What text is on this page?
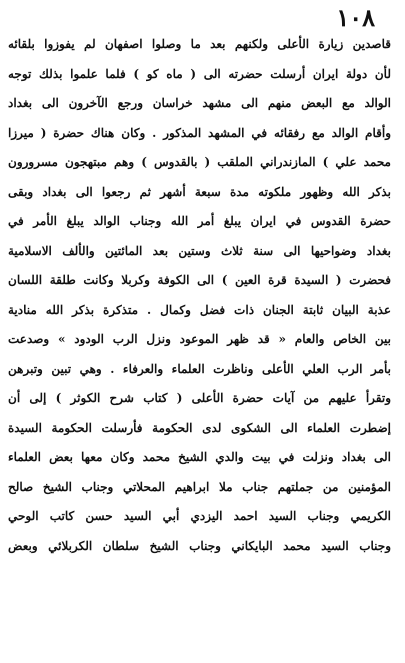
١٠٨
قاصدين زيارة الأعلى ولكنهم بعد ما وصلوا اصفهان لم يفوزوا بلقائه
لأن دولة ايران أرسلت حضرته الى ( ماه كو ) فلما علموا بذلك توجه
الوالد مع البعض منهم الى مشهد خراسان ورجع الآخرون الى بغداد
وأقام الوالد مع رفقائه في المشهد المذكور . وكان هناك حضرة ( ميرزا
محمد علي ) المازندراني الملقب ( بالقدوس ) وهم مبتهجون مسرورون
بذكر الله وظهور ملكوته مدة سبعة أشهر ثم رجعوا الى بغداد وبقى
حضرة القدوس في ايران يبلغ أمر الله وجناب الوالد يبلغ الأمر في
بغداد وضواحيها الى سنة ثلاث وستين بعد المائتين والألف الاسلامية
فحضرت ( السيدة قرة العين ) الى الكوفة وكربلا وكانت طلقة اللسان
عذبة البيان ثابتة الجنان ذات فضل وكمال . متذكرة بذكر الله منادية
بين الخاص والعام « قد ظهر الموعود ونزل الرب الودود » وصدعت
بأمر الرب العلي الأعلى وناظرت العلماء والعرفاء . وهي تبين وتبرهن
وتقرأ عليهم من آيات حضرة الأعلى ( كتاب شرح الكوثر ) إلى أن
إضطرت العلماء الى الشكوى لدى الحكومة فأرسلت الحكومة السيدة
الى بغداد ونزلت في بيت والدي الشيخ محمد وكان معها بعض العلماء
المؤمنين من جملتهم جناب ملا ابراهيم المحلاتي وجناب الشيخ صالح
الكريمي وجناب السيد احمد اليزدي أبي السيد حسن كاتب الوحي
وجناب السيد محمد البايكاني وجناب الشيخ سلطان الكربلائي وبعض
